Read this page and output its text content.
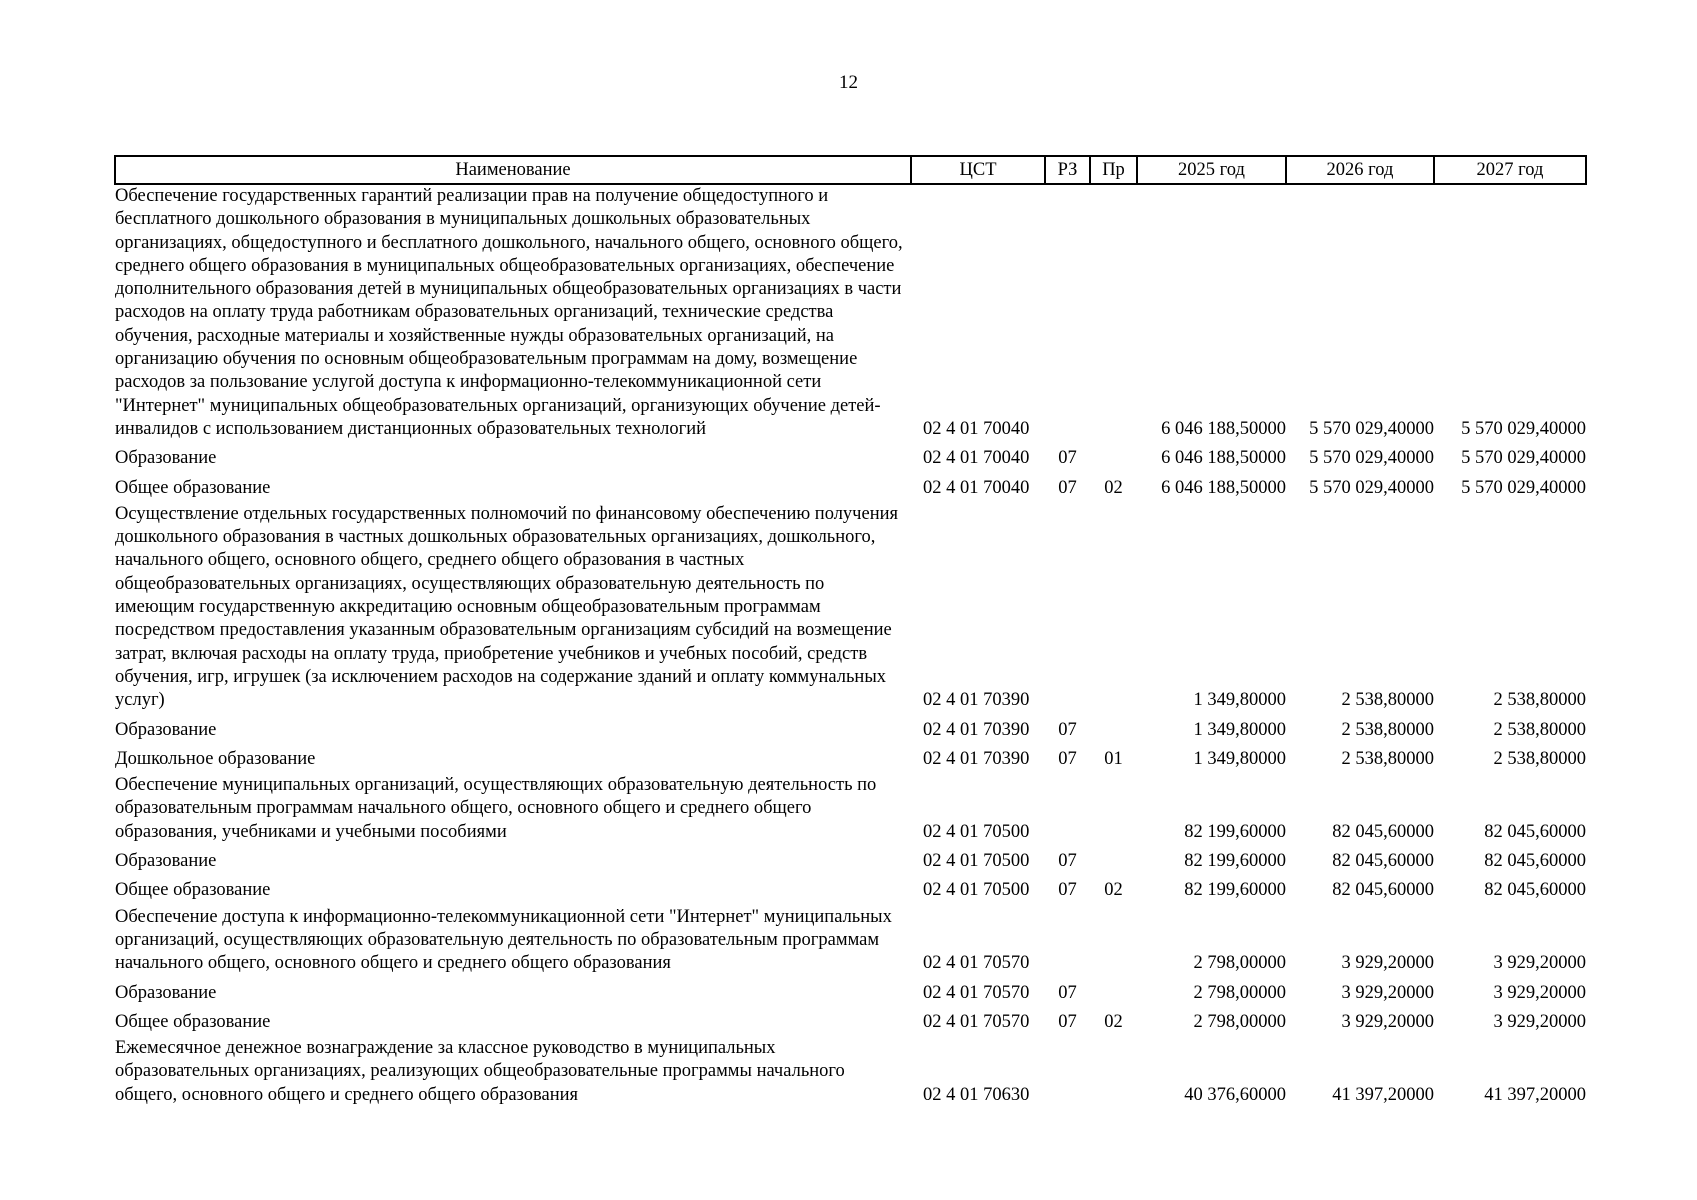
12
Наименование	ЦСТ	РЗ	Пр	2025 год	2026 год	2027 год
Обеспечение государственных гарантий реализации прав на получение общедоступного и бесплатного дошкольного образования в муниципальных дошкольных образовательных организациях, общедоступного и бесплатного дошкольного, начального общего, основного общего, среднего общего образования в муниципальных общеобразовательных организациях, обеспечение дополнительного образования детей в муниципальных общеобразовательных организациях в части расходов на оплату труда работникам образовательных организаций, технические средства обучения, расходные материалы и хозяйственные нужды образовательных организаций, на организацию обучения по основным общеобразовательным программам на дому, возмещение расходов за пользование услугой доступа к информационно-телекоммуникационной сети "Интернет" муниципальных общеобразовательных организаций, организующих обучение детей-инвалидов с использованием дистанционных образовательных технологий	02 4 01 70040			6 046 188,50000	5 570 029,40000	5 570 029,40000
Образование	02 4 01 70040	07		6 046 188,50000	5 570 029,40000	5 570 029,40000
Общее образование	02 4 01 70040	07	02	6 046 188,50000	5 570 029,40000	5 570 029,40000
Осуществление отдельных государственных полномочий по финансовому обеспечению получения дошкольного образования в частных дошкольных образовательных организациях, дошкольного, начального общего, основного общего, среднего общего образования в частных общеобразовательных организациях, осуществляющих образовательную деятельность по имеющим государственную аккредитацию основным общеобразовательным программам посредством предоставления указанным образовательным организациям субсидий на возмещение затрат, включая расходы на оплату труда, приобретение учебников и учебных пособий, средств обучения, игр, игрушек (за исключением расходов на содержание зданий и оплату коммунальных услуг)	02 4 01 70390			1 349,80000	2 538,80000	2 538,80000
Образование	02 4 01 70390	07		1 349,80000	2 538,80000	2 538,80000
Дошкольное образование	02 4 01 70390	07	01	1 349,80000	2 538,80000	2 538,80000
Обеспечение муниципальных организаций, осуществляющих образовательную деятельность по образовательным программам начального общего, основного общего и среднего общего образования, учебниками и учебными пособиями	02 4 01 70500			82 199,60000	82 045,60000	82 045,60000
Образование	02 4 01 70500	07		82 199,60000	82 045,60000	82 045,60000
Общее образование	02 4 01 70500	07	02	82 199,60000	82 045,60000	82 045,60000
Обеспечение доступа к информационно-телекоммуникационной сети "Интернет" муниципальных организаций, осуществляющих образовательную деятельность по образовательным программам начального общего, основного общего и среднего общего образования	02 4 01 70570			2 798,00000	3 929,20000	3 929,20000
Образование	02 4 01 70570	07		2 798,00000	3 929,20000	3 929,20000
Общее образование	02 4 01 70570	07	02	2 798,00000	3 929,20000	3 929,20000
Ежемесячное денежное вознаграждение за классное руководство в муниципальных образовательных организациях, реализующих общеобразовательные программы начального общего, основного общего и среднего общего образования	02 4 01 70630			40 376,60000	41 397,20000	41 397,20000
